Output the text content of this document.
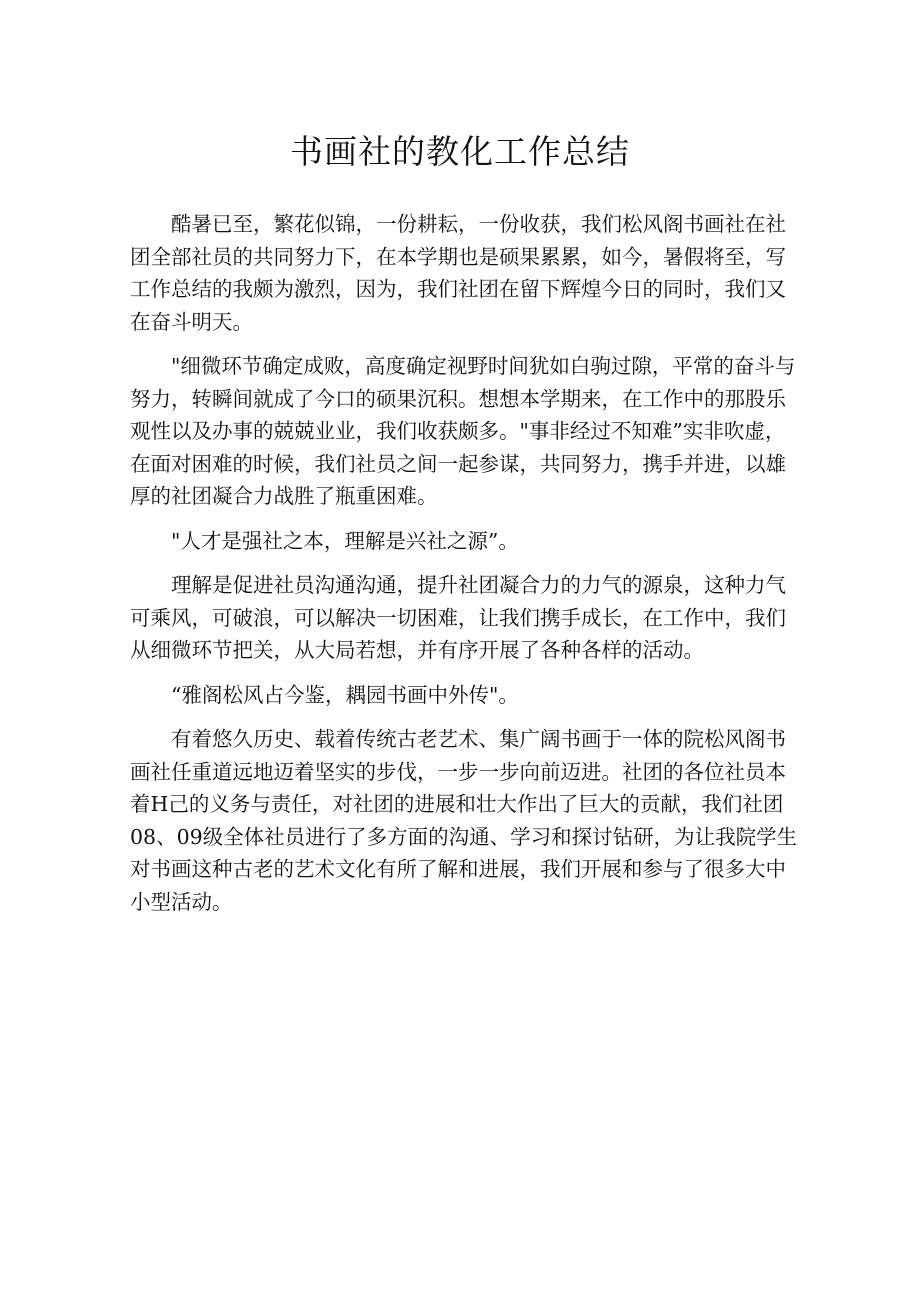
书画社的教化工作总结

酷暑已至，繁花似锦，一份耕耘，一份收获，我们松风阁书画社在社
团全部社员的共同努力下，在本学期也是硕果累累，如今，暑假将至，写
工作总结的我颇为激烈，因为，我们社团在留下辉煌今日的同时，我们又
在奋斗明天。

"细微环节确定成败，高度确定视野时间犹如白驹过隙，平常的奋斗与
努力，转瞬间就成了今口的硕果沉积。想想本学期来，在工作中的那股乐
观性以及办事的兢兢业业，我们收获颇多。"事非经过不知难”实非吹虚，
在面对困难的时候，我们社员之间一起参谋，共同努力，携手并进，以雄
厚的社团凝合力战胜了瓶重困难。

"人才是强社之本，理解是兴社之源”。

理解是促进社员沟通沟通，提升社团凝合力的力气的源泉，这种力气
可乘风，可破浪，可以解决一切困难，让我们携手成长，在工作中，我们
从细微环节把关，从大局若想，并有序开展了各种各样的活动。

“雅阁松风占今鉴，耦园书画中外传"。

有着悠久历史、载着传统古老艺术、集广阔书画于一体的院松风阁书
画社任重道远地迈着坚实的步伐，一步一步向前迈进。社团的各位社员本
着H己的义务与责任，对社团的进展和壮大作出了巨大的贡献，我们社团
08、09级全体社员进行了多方面的沟通、学习和探讨钻研，为让我院学生
对书画这种古老的艺术文化有所了解和进展，我们开展和参与了很多大中
小型活动。
